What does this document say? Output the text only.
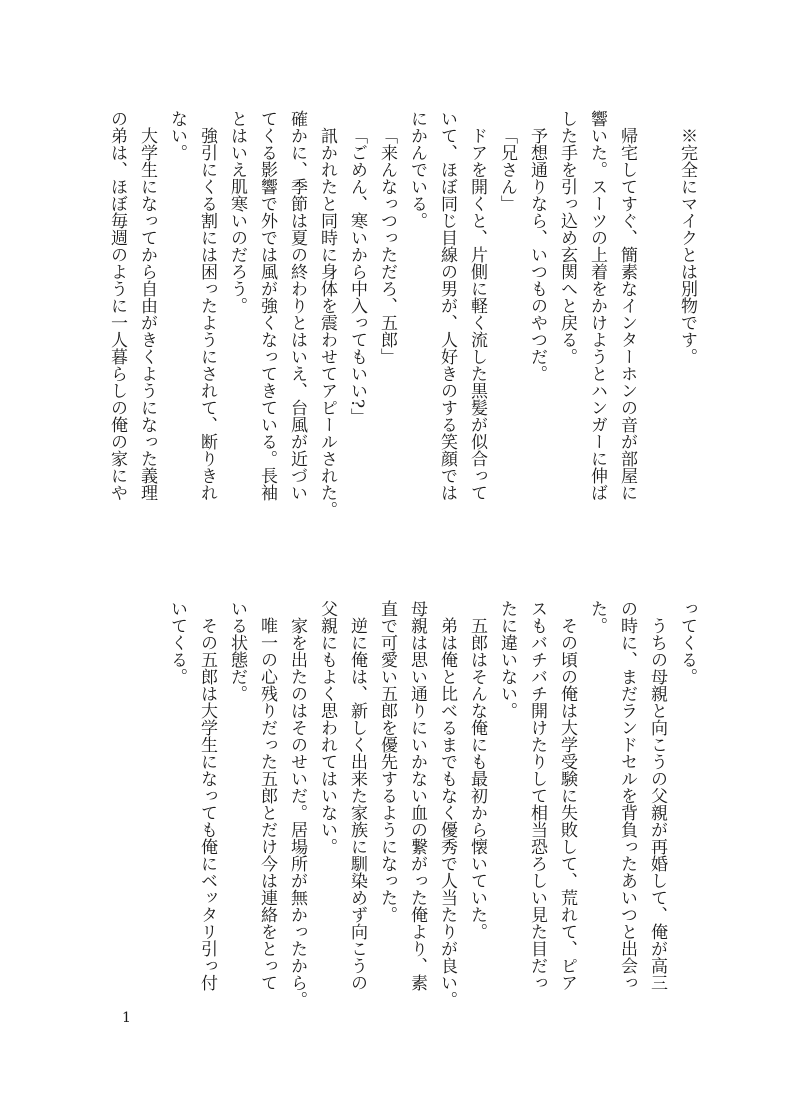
※完全にマイクとは別物です。

帰宅してすぐ、簡素なインターホンの音が部屋に

響いた。スーツの上着をかけようとハンガーに伸ば

した手を引っ込め玄関へと戻る。

予想通りなら、いつものやつだ。

「兄さん」

ドアを開くと、片側に軽く流した黒髪が似合って

いて、ほぼ同じ目線の男が、人好きのする笑顔では

にかんでいる。

「来んなっつっただろ、五郎」

「ごめん、寒いから中入ってもいい?」

訊かれたと同時に身体を震わせてアピールされた。

確かに、季節は夏の終わりとはいえ、台風が近づい

てくる影響で外では風が強くなってきている。長袖

とはいえ肌寒いのだろう。

強引にくる割には困ったようにされて、断りきれ

ない。

大学生になってから自由がきくようになった義理

の弟は、ほぼ毎週のように一人暮らしの俺の家にや

ってくる。

うちの母親と向こうの父親が再婚して、俺が高三

の時に、まだランドセルを背負ったあいつと出会っ

た。

その頃の俺は大学受験に失敗して、荒れて、ピア

スもバチバチ開けたりして相当恐ろしい見た目だっ

たに違いない。

五郎はそんな俺にも最初から懐いていた。

弟は俺と比べるまでもなく優秀で人当たりが良い。

母親は思い通りにいかない血の繋がった俺より、素

直で可愛い五郎を優先するようになった。

逆に俺は、新しく出来た家族に馴染めず向こうの

父親にもよく思われてはいない。

家を出たのはそのせいだ。居場所が無かったから。

唯一の心残りだった五郎とだけ今は連絡をとって

いる状態だ。

その五郎は大学生になっても俺にベッタリ引っ付

いてくる。

1
